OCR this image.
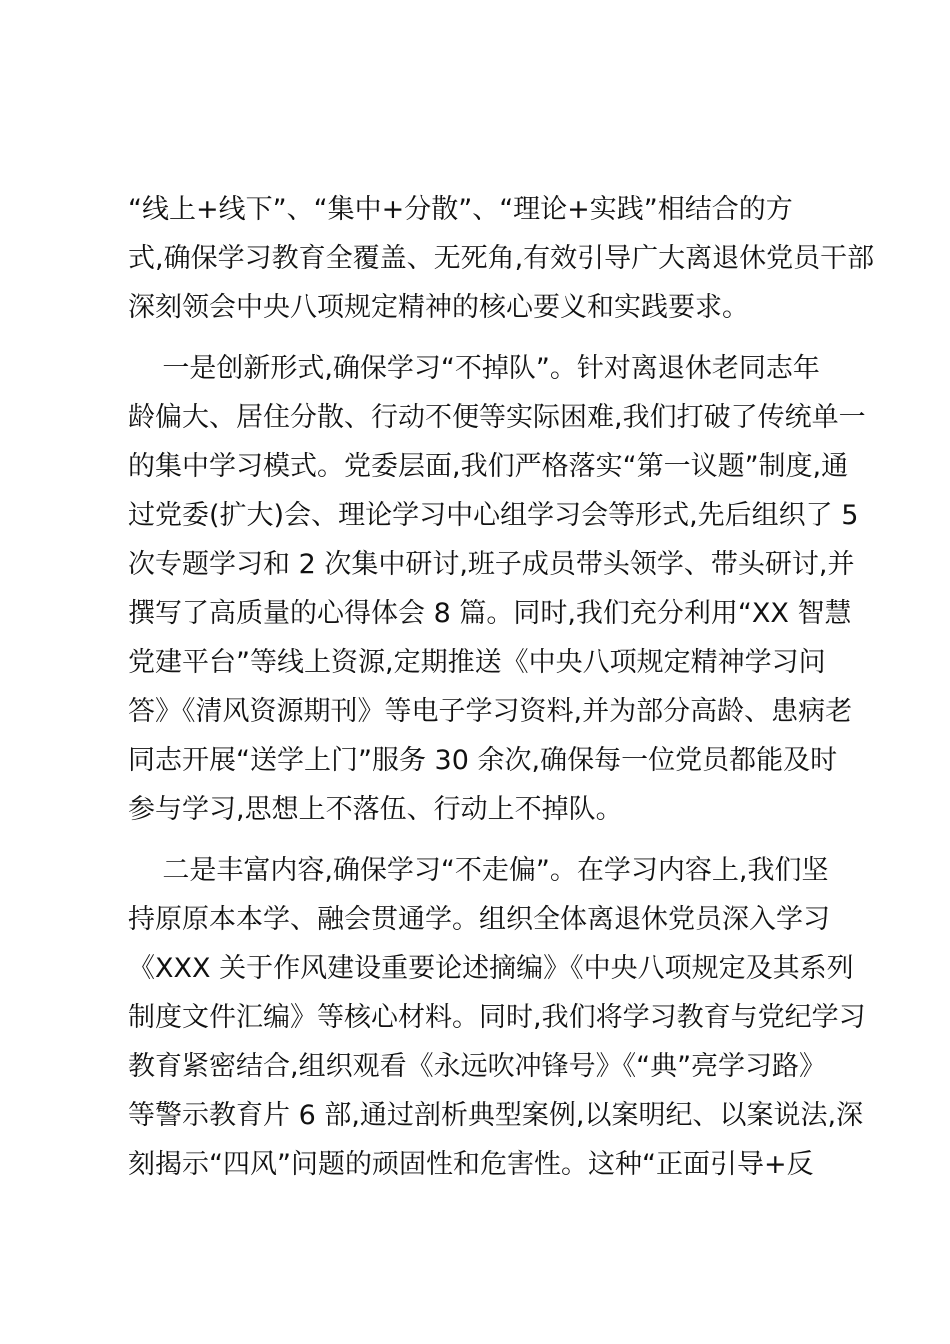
“线上+线下”、“集中+分散”、“理论+实践”相结合的方
式,确保学习教育全覆盖、无死角,有效引导广大离退休党员干部
深刻领会中央八项规定精神的核心要义和实践要求。
一是创新形式,确保学习“不掉队”。针对离退休老同志年
龄偏大、居住分散、行动不便等实际困难,我们打破了传统单一
的集中学习模式。党委层面,我们严格落实“第一议题”制度,通
过党委(扩大)会、理论学习中心组学习会等形式,先后组织了 5
次专题学习和 2 次集中研讨,班子成员带头领学、带头研讨,并
撰写了高质量的心得体会 8 篇。同时,我们充分利用“XX 智慧
党建平台”等线上资源,定期推送《中央八项规定精神学习问
答》《清风资源期刊》等电子学习资料,并为部分高龄、患病老
同志开展“送学上门”服务 30 余次,确保每一位党员都能及时
参与学习,思想上不落伍、行动上不掉队。
二是丰富内容,确保学习“不走偏”。在学习内容上,我们坚
持原原本本学、融会贯通学。组织全体离退休党员深入学习
《XXX 关于作风建设重要论述摘编》《中央八项规定及其系列
制度文件汇编》等核心材料。同时,我们将学习教育与党纪学习
教育紧密结合,组织观看《永远吹冲锋号》《“典”亮学习路》
等警示教育片 6 部,通过剖析典型案例,以案明纪、以案说法,深
刻揭示“四风”问题的顽固性和危害性。这种“正面引导+反
